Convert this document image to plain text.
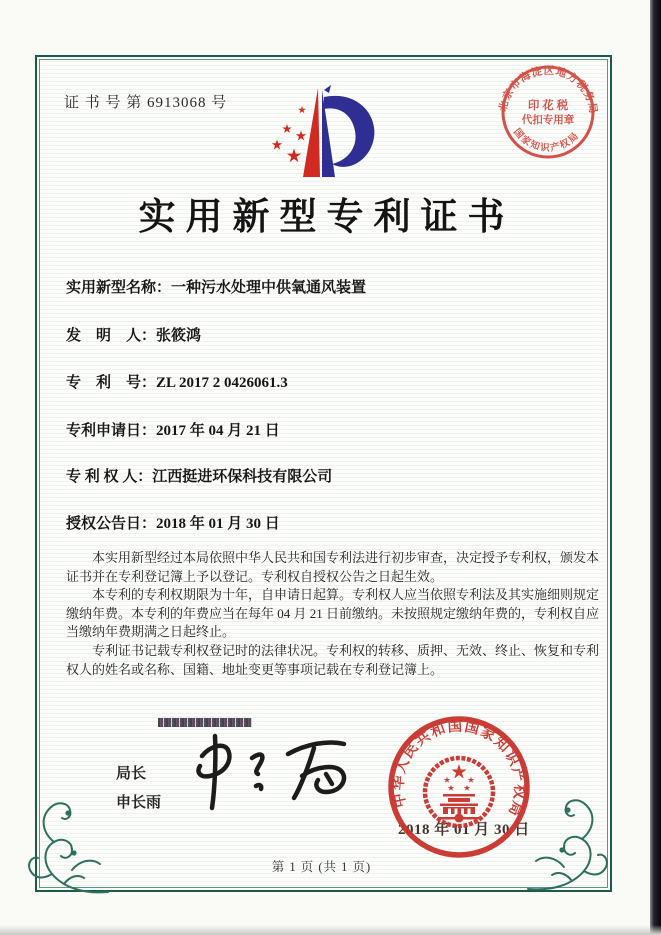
证 书 号 第 6913068 号	北京市海淀区地方税务局
国家知识产权局
印 花 税
代扣专用章
实用新型专利证书
实用新型名称：一种污水处理中供氧通风装置
发　明　人：张筱鸿
专　利　号：ZL 2017 2 0426061.3
专利申请日：2017 年 04 月 21 日
专 利 权 人：江西挺进环保科技有限公司
授权公告日：2018 年 01 月 30 日

本实用新型经过本局依照中华人民共和国专利法进行初步审查，决定授予专利权，颁发本证书并在专利登记簿上予以登记。专利权自授权公告之日起生效。

本专利的专利权期限为十年，自申请日起算。专利权人应当依照专利法及其实施细则规定缴纳年费。本专利的年费应当在每年 04 月 21 日前缴纳。未按照规定缴纳年费的，专利权自应当缴纳年费期满之日起终止。

专利证书记载专利权登记时的法律状况。专利权的转移、质押、无效、终止、恢复和专利权人的姓名或名称、国籍、地址变更等事项记载在专利登记簿上。

局长
申长雨
2018 年 01 月 30 日
中华人民共和国国家知识产权局
第 1 页 (共 1 页)
